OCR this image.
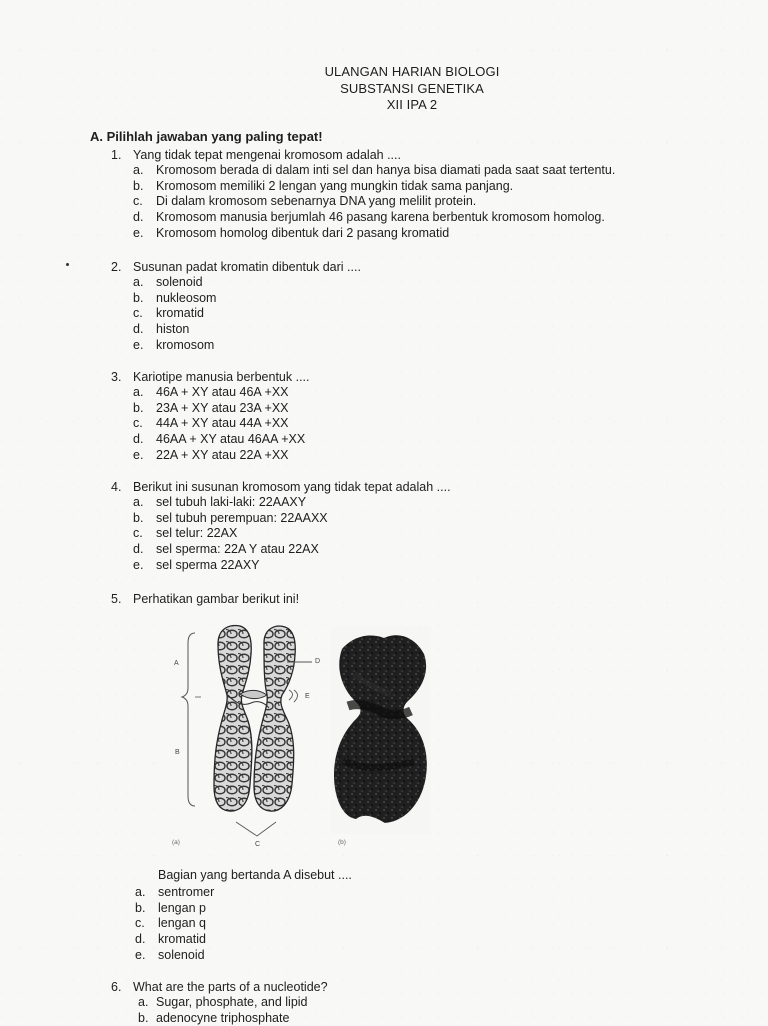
ULANGAN HARIAN BIOLOGI
SUBSTANSI GENETIKA
XII IPA 2
A. Pilihlah jawaban yang paling tepat!
1. Yang tidak tepat mengenai kromosom adalah ....
a.	Kromosom berada di dalam inti sel dan hanya bisa diamati pada saat saat tertentu.
b.	Kromosom memiliki 2 lengan yang mungkin tidak sama panjang.
c.	Di dalam kromosom sebenarnya DNA yang melilit protein.
d.	Kromosom manusia berjumlah 46 pasang karena berbentuk kromosom homolog.
e.	Kromosom homolog dibentuk dari 2 pasang kromatid
2. Susunan padat kromatin dibentuk dari ....
a.	solenoid
b.	nukleosom
c.	kromatid
d.	histon
e.	kromosom
3. Kariotipe manusia berbentuk ....
a.	46A + XY atau 46A +XX
b.	23A + XY atau 23A +XX
c.	44A + XY atau 44A +XX
d.	46AA + XY atau 46AA +XX
e.	22A + XY atau 22A +XX
4. Berikut ini susunan kromosom yang tidak tepat adalah ....
a.	sel tubuh laki-laki: 22AAXY
b.	sel tubuh perempuan: 22AAXX
c.	sel telur: 22AX
d.	sel sperma: 22A Y atau 22AX
e.	sel sperma 22AXY
5. Perhatikan gambar berikut ini!
A
B
D
E
C
(a)	(b)
Bagian yang bertanda A disebut ....
a.	sentromer
b.	lengan p
c.	lengan q
d.	kromatid
e.	solenoid
6. What are the parts of a nucleotide?
a. Sugar, phosphate, and lipid
b. adenocyne triphosphate
